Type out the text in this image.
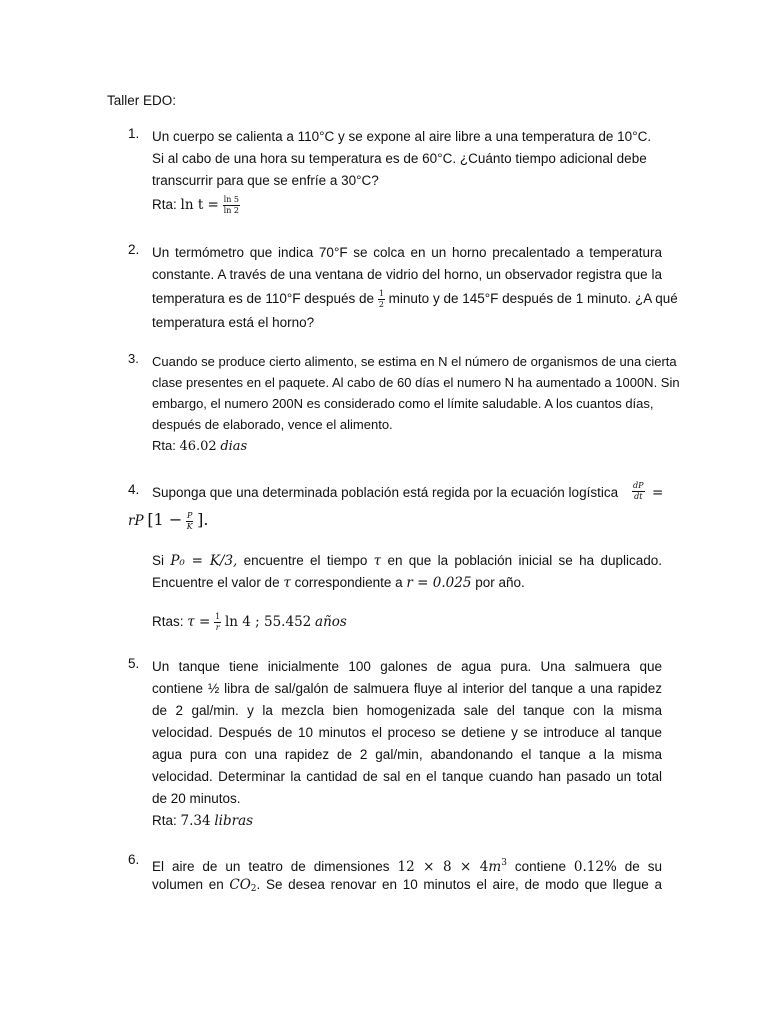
Taller EDO:
1. Un cuerpo se calienta a 110°C y se expone al aire libre a una temperatura de 10°C.
Si al cabo de una hora su temperatura es de 60°C. ¿Cuánto tiempo adicional debe
transcurrir para que se enfríe a 30°C?
Rta: $\ln t = \frac{\ln 5}{\ln 2}$
2. Un termómetro que indica 70°F se colca en un horno precalentado a temperatura
constante. A través de una ventana de vidrio del horno, un observador registra que la
temperatura es de 110°F después de $\frac{1}{2}$ minuto y de 145°F después de 1 minuto. ¿A qué
temperatura está el horno?
3.	Cuando se produce cierto alimento, se estima en N el número de organismos de una cierta
clase presentes en el paquete. Al cabo de 60 días el numero N ha aumentado a 1000N. Sin
embargo, el numero 200N es considerado como el límite saludable. A los cuantos días,
después de elaborado, vence el alimento.
Rta: 46.02 dias
4. Suponga que una determinada población está regida por la ecuación logística $\frac{dP}{dt}$ =
rP [$1 - \frac{P}{K}$ ].
Si P₀ = K/3, encuentre el tiempo τ en que la población inicial se ha duplicado.
Encuentre el valor de τ correspondiente a r = 0.025 por año.
Rtas: $\tau = \frac{1}{r}$ ln 4 ; 55.452 años
5. Un tanque tiene inicialmente 100 galones de agua pura. Una salmuera que
contiene ½ libra de sal/galón de salmuera fluye al interior del tanque a una rapidez
de 2 gal/min. y la mezcla bien homogenizada sale del tanque con la misma
velocidad. Después de 10 minutos el proceso se detiene y se introduce al tanque
agua pura con una rapidez de 2 gal/min, abandonando el tanque a la misma
velocidad. Determinar la cantidad de sal en el tanque cuando han pasado un total
de 20 minutos.
Rta: 7.34 libras
6. El aire de un teatro de dimensiones $12 \times 8 \times 4m^3$ contiene 0.12% de su
volumen en $CO_2$. Se desea renovar en 10 minutos el aire, de modo que llegue a
